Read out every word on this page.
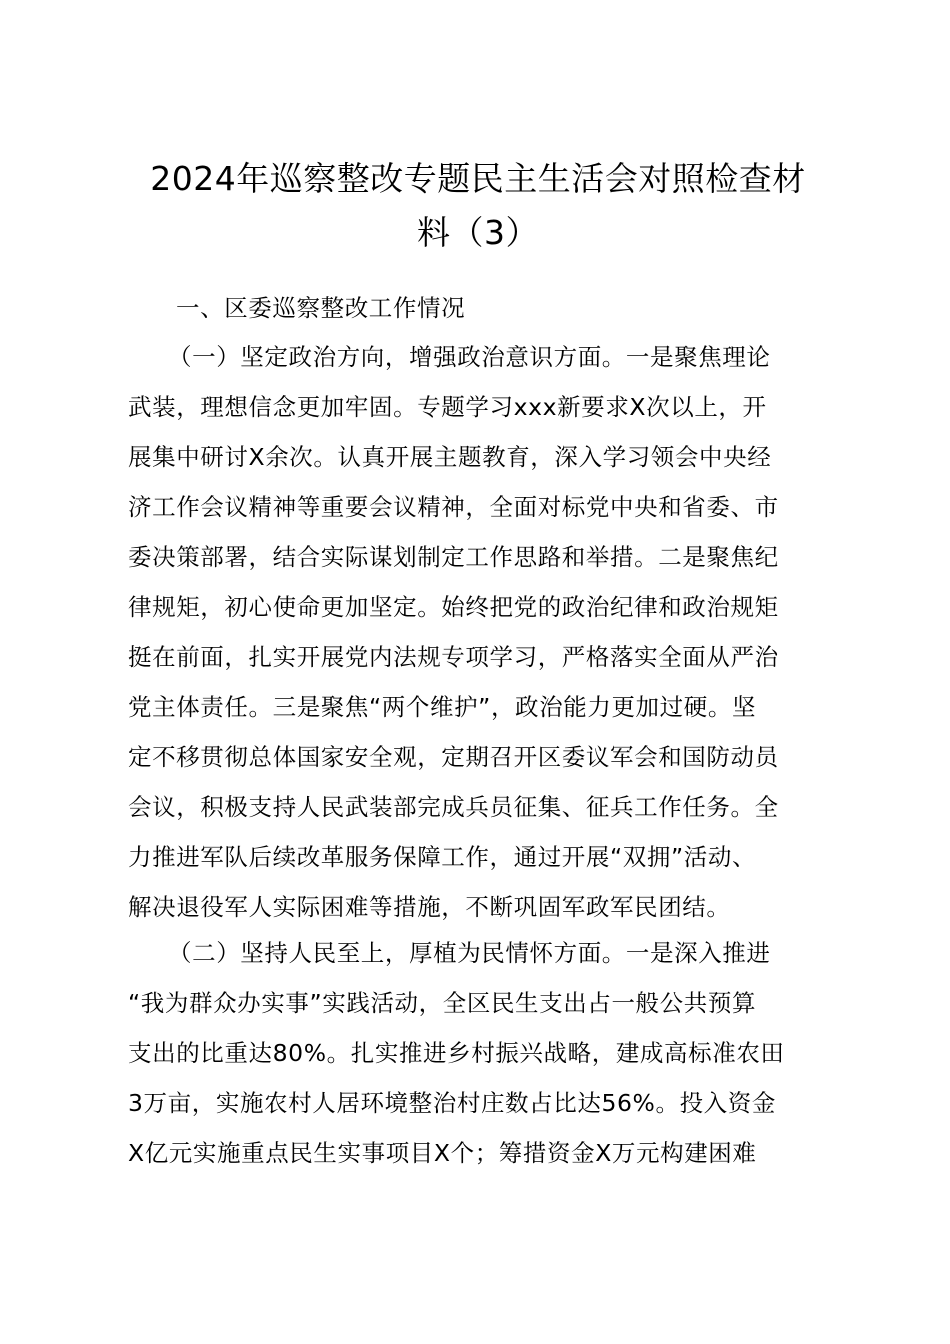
2024年巡察整改专题民主生活会对照检查材
料（3）
一、区委巡察整改工作情况
（一）坚定政治方向，增强政治意识方面。一是聚焦理论
武装，理想信念更加牢固。专题学习xxx新要求X次以上，开
展集中研讨X余次。认真开展主题教育，深入学习领会中央经
济工作会议精神等重要会议精神，全面对标党中央和省委、市
委决策部署，结合实际谋划制定工作思路和举措。二是聚焦纪
律规矩，初心使命更加坚定。始终把党的政治纪律和政治规矩
挺在前面，扎实开展党内法规专项学习，严格落实全面从严治
党主体责任。三是聚焦“两个维护”，政治能力更加过硬。坚
定不移贯彻总体国家安全观，定期召开区委议军会和国防动员
会议，积极支持人民武装部完成兵员征集、征兵工作任务。全
力推进军队后续改革服务保障工作，通过开展“双拥”活动、
解决退役军人实际困难等措施，不断巩固军政军民团结。
（二）坚持人民至上，厚植为民情怀方面。一是深入推进
“我为群众办实事”实践活动，全区民生支出占一般公共预算
支出的比重达80%。扎实推进乡村振兴战略，建成高标准农田
3万亩，实施农村人居环境整治村庄数占比达56%。投入资金
X亿元实施重点民生实事项目X个；筹措资金X万元构建困难
